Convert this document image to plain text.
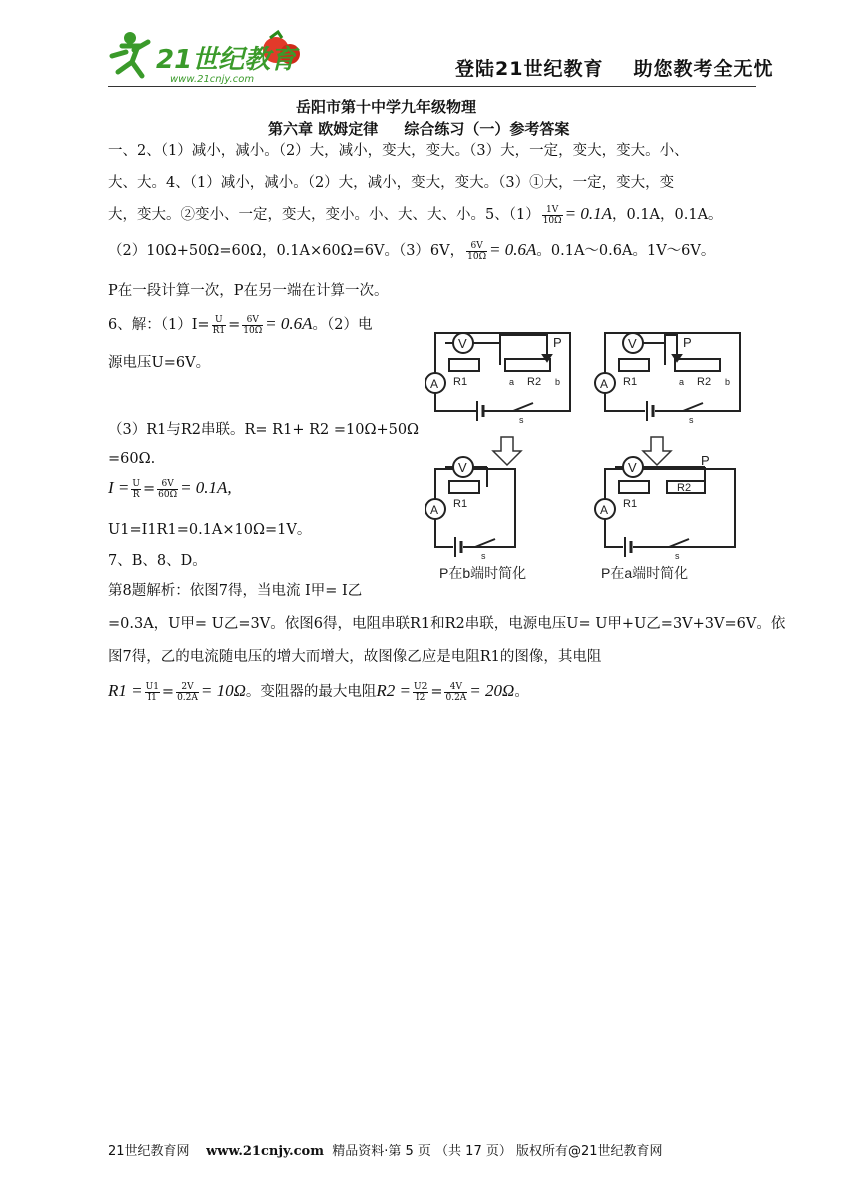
21世纪教育
www.21cnjy.com	登陆21世纪教育 助您教考全无忧
岳阳市第十中学九年级物理
第六章 欧姆定律 综合练习（一）参考答案
一、2、（1）减小，减小。（2）大，减小，变大，变大。（3）大，一定，变大，变大。小、
大、大。4、（1）减小，减小。（2）大，减小，变大，变大。（3）①大，一定，变大，变
大，变大。②变小、一定，变大，变小。小、大、大、小。5、$(1) \frac{1V}{10\Omega} = 0.1A$，0.1A，0.1A。
（2）10Ω+50Ω=60Ω，0.1A×60Ω=6V。（3）6V， $\frac{6V}{10\Omega} = 0.6A$。0.1A～0.6A。1V～6V。
P在一段计算一次，P在另一端在计算一次。
6、解：$(1)I= \frac{U}{R1} = \frac{6V}{10\Omega} = 0.6A$。（2）电
源电压U=6V。
（3）R1与R2串联。R= R1+ R2 =10Ω+50Ω
=60Ω.
$I = \frac{U}{R} = \frac{6V}{60\Omega} = 0.1A$,
U1=I1R1=0.1A×10Ω=1V。
7、B、8、D。
第8题解析：依图7得，当电流 I甲= I乙
=0.3A，U甲= U乙=3V。依图6得，电阻串联R1和R2串联，电源电压U= U甲+U乙=3V+3V=6V。依
图7得，乙的电流随电压的增大而增大，故图像乙应是电阻R1的图像，其电阻
$R1 = \frac{U1}{I1} = \frac{2V}{0.2A} = 10\Omega$。变阻器的最大电阻$R2 = \frac{U2}{I2} = \frac{4V}{0.2A} = 20\Omega$。
V
R1	R2
a	b
P
A
s
V
R1	R2
a	b
P
A
s
V
R1
A
s
V
R1
R2
P
A
s
P在b端时简化	P在a端时简化
21世纪教育网 www.21cnjy.com 精品资料·第 5 页 （共 17 页） 版权所有@21世纪教育网
